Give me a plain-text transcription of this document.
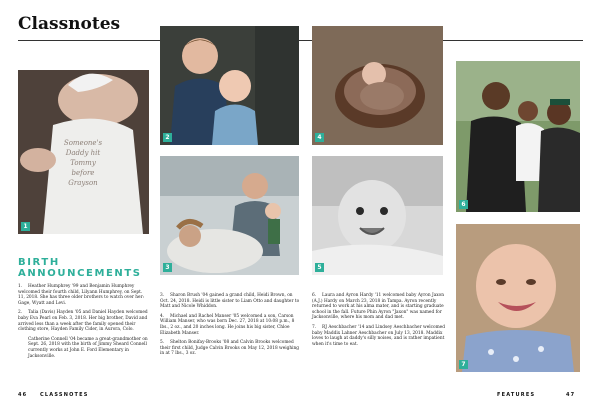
Classnotes
Someone's
Daddy hit
Tommy
before
Grayson
1
2
3
4
5
6
7
BIRTH ANNOUNCEMENTS

1. Heather Humphrey '99 and Benjamin Humphrey welcomed their fourth child, Lilyann Humphrey, on Sept. 11, 2018. She has three older brothers to watch over her: Gage, Wyatt and Levi.

2. Talia (Davis) Hayden '05 and Daniel Hayden welcomed baby Eva Pearl on Feb. 3, 2018. Her big brother, David and arrived less than a week after the family opened their clothing store, Hayden Family Cider, in Aurora, Colo.

Catherine Connell '04 became a great-grandmother on Sept. 26, 2018 with the birth of Jimmy Sheard Connell currently works at John E. Ford Elementary in Jacksonville.

3. Sharon Brush '04 gained a grand child, Heidi Brown, on Oct. 24, 2018. Heidi is little sister to Liam Otto and daughter to Matt and Nicole Whiddon.

4. Michael and Rachel Manser '05 welcomed a son, Carson William Manser, who was born Dec. 27, 2018 at 10:08 p.m., 8 lbs., 2 oz., and 20 inches long. He joins his big sister, Chloe Elizabeth Manser.

5. Shelton Bonifay-Brooks '08 and Calvin Brooks welcomed their first child, Judge Calvin Brooks on May 12, 2018 weighing in at 7 lbs., 3 oz.

6. Laura and Ayron Hardy '11 welcomed baby Ayron Jaxon (A.J.) Hardy on March 23, 2018 in Tampa. Ayron recently returned to work at his alma mater, and is starting graduate school in the fall. Future Phin Ayron "Jaxon" was named for Jacksonville, where his mom and dad met.

7. RJ Aeschbacher '14 and Lindsey Aeschbacher welcomed baby Maddix Lahner Aeschbacher on July 13, 2018. Maddix loves to laugh at daddy's silly noises, and is rather impatient when it's time to eat.

46	CLASSNOTES	FEATURES	47
